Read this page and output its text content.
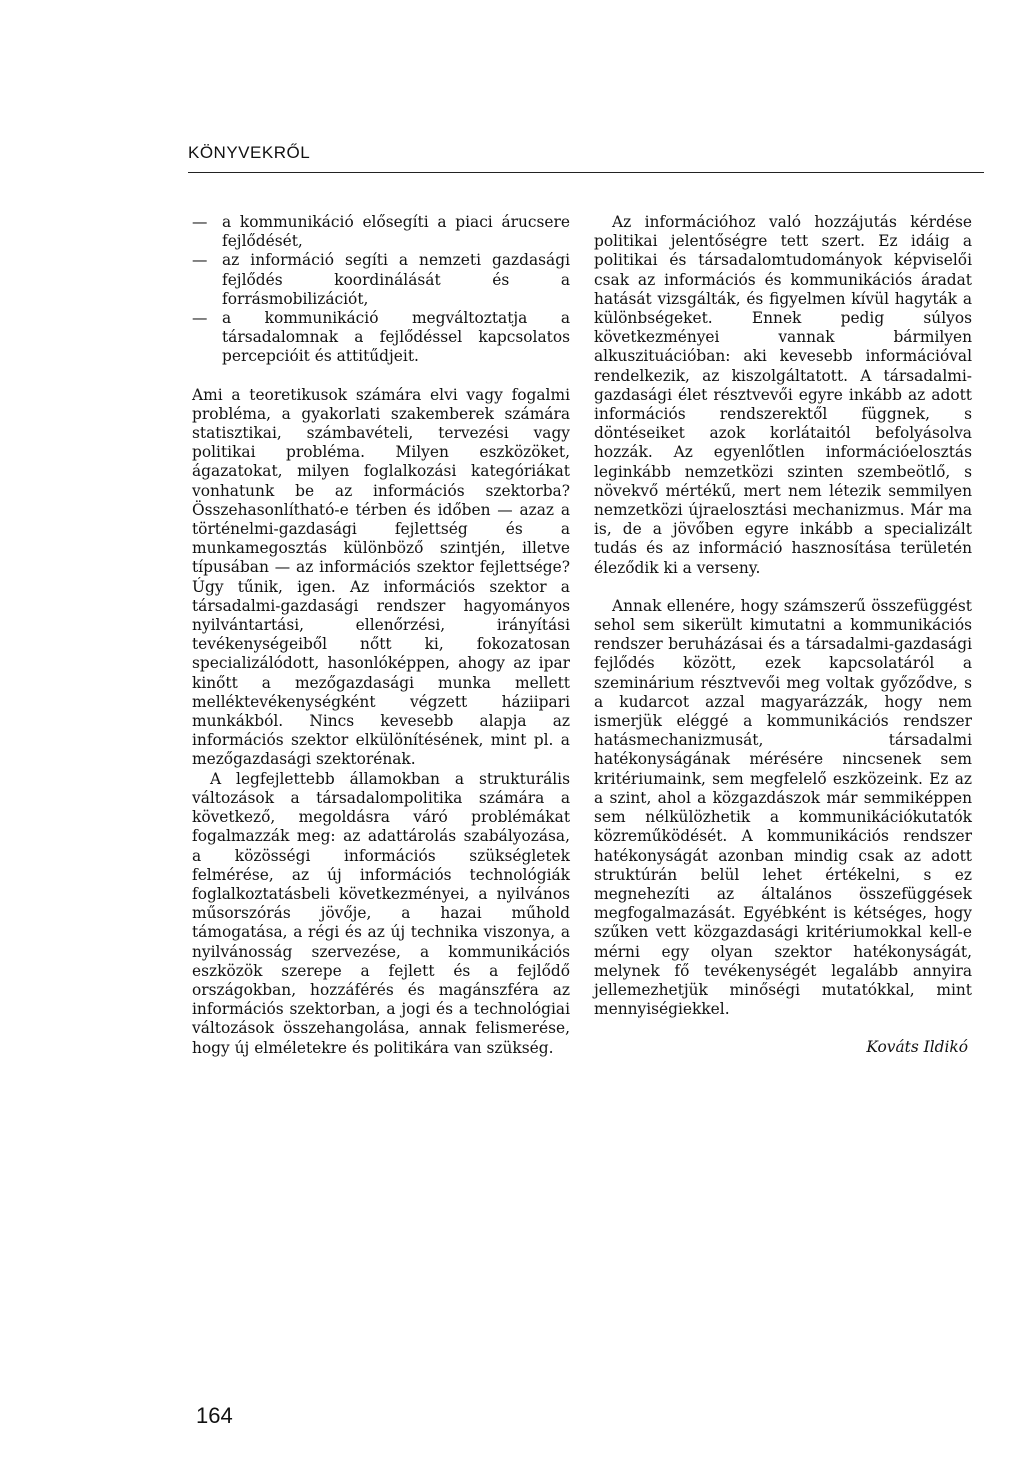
KÖNYVEKRŐL
— a kommunikáció elősegíti a piaci árucsere fejlődését,
— az információ segíti a nemzeti gazdasági fejlődés koordinálását és a forrásmobilizációt,
— a kommunikáció megváltoztatja a társadalomnak a fejlődéssel kapcsolatos percepcióit és attitűdjeit.

Ami a teoretikusok számára elvi vagy fogalmi probléma, a gyakorlati szakemberek számára statisztikai, számbavételi, tervezési vagy politikai probléma. Milyen eszközöket, ágazatokat, milyen foglalkozási kategóriákat vonhatunk be az információs szektorba? Összehasonlítható-e térben és időben — azaz a történelmi-gazdasági fejlettség és a munkamegosztás különböző szintjén, illetve típusában — az információs szektor fejlettsége? Úgy tűnik, igen. Az információs szektor a társadalmi-gazdasági rendszer hagyományos nyilvántartási, ellenőrzési, irányítási tevékenységeiből nőtt ki, fokozatosan specializálódott, hasonlóképpen, ahogy az ipar kinőtt a mezőgazdasági munka mellett melléktevékenységként végzett háziipari munkákból. Nincs kevesebb alapja az információs szektor elkülönítésének, mint pl. a mezőgazdasági szektorénak.

A legfejlettebb államokban a strukturális változások a társadalompolitika számára a következő, megoldásra váró problémákat fogalmazzák meg: az adattárolás szabályozása, a közösségi információs szükségletek felmérése, az új információs technológiák foglalkoztatásbeli következményei, a nyilvános műsorszórás jövője, a hazai műhold támogatása, a régi és az új technika viszonya, a nyilvánosság szervezése, a kommunikációs eszközök szerepe a fejlett és a fejlődő országokban, hozzáférés és magánszféra az információs szektorban, a jogi és a technológiai változások összehangolása, annak felismerése, hogy új elméletekre és politikára van szükség.

Az információhoz való hozzájutás kérdése politikai jelentőségre tett szert. Ez idáig a politikai és társadalomtudományok képviselői csak az információs és kommunikációs áradat hatását vizsgálták, és figyelmen kívül hagyták a különbségeket. Ennek pedig súlyos következményei vannak bármilyen alkuszituációban: aki kevesebb információval rendelkezik, az kiszolgáltatott. A társadalmi-gazdasági élet résztvevői egyre inkább az adott információs rendszerektől függnek, s döntéseiket azok korlátaitól befolyásolva hozzák. Az egyenlőtlen információelosztás leginkább nemzetközi szinten szembeötlő, s növekvő mértékű, mert nem létezik semmilyen nemzetközi újraelosztási mechanizmus. Már ma is, de a jövőben egyre inkább a specializált tudás és az információ hasznosítása területén éleződik ki a verseny.

Annak ellenére, hogy számszerű összefüggést sehol sem sikerült kimutatni a kommunikációs rendszer beruházásai és a társadalmi-gazdasági fejlődés között, ezek kapcsolatáról a szeminárium résztvevői meg voltak győződve, s a kudarcot azzal magyarázzák, hogy nem ismerjük eléggé a kommunikációs rendszer hatásmechanizmusát, társadalmi hatékonyságának mérésére nincsenek sem kritériumaink, sem megfelelő eszközeink. Ez az a szint, ahol a közgazdászok már semmiképpen sem nélkülözhetik a kommunikációkutatók közreműködését. A kommunikációs rendszer hatékonyságát azonban mindig csak az adott struktúrán belül lehet értékelni, s ez megnehezíti az általános összefüggések megfogalmazását. Egyébként is kétséges, hogy szűken vett közgazdasági kritériumokkal kell-e mérni egy olyan szektor hatékonyságát, melynek fő tevékenységét legalább annyira jellemezhetjük minőségi mutatókkal, mint mennyiségiekkel.

Kováts Ildikó

164
